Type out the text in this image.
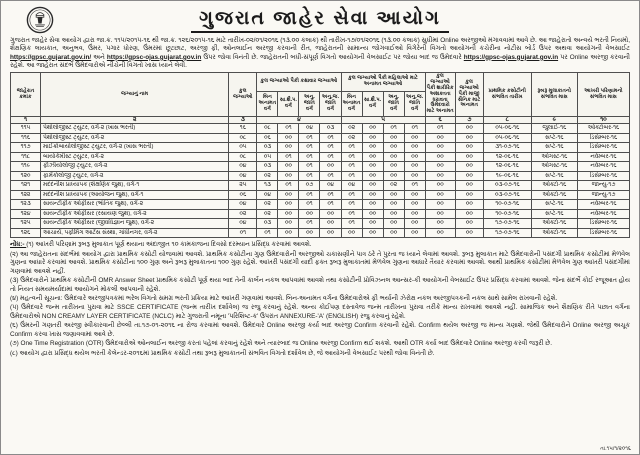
ગુજરાત જાહેર સેવા આયોગ

ગુજરાત જાહેર સેવા આયોગ દ્વારા જા.ક્ર. ૧૧૫/૨૦૧૫-૧૬ થી જા.ક્ર. ૧૨૬/૨૦૧૫-૧૬ માટે તારીખ-૦૨/૦૧/૨૦૧૬ (૧૩.૦૦ કલાક) થી તારીખ-૧૭/૦૧/૨૦૧૬ (૧૩.૦૦ કલાક) સુધીમાં Online અરજીઓ મંગાવવામાં આવે છે. આ જાહેરાતો અન્વયે ભરતી નિયમો, શૈક્ષણિક લાયકાત, અનુભવ, ઉંમર, પગાર ધોરણ, ઉંમરમાં છૂટછાટ, અરજી ફી, ઓનલાઈન અરજી કરવાની રીત, જાહેરાતની સામાન્ય જોગવાઈઓ વિગેરેની વિગતો આયોગની કચેરીના નોટીસ બોર્ડ ઉપર અથવા આયોગની વેબસાઈટ https://gpsc.gujarat.gov.in/ અને https://gpsc-ojas.gujarat.gov.in ઉપર જોવા વિનંતી છે. જાહેરાતની બધી-સંપૂર્ણ વિગતો આયોગની વેબસાઈટ પર જોયા બાદ જ ઉમેદવારે https://gpsc-ojas.gujarat.gov.in પર Online અરજી કરવાની રહેશે. આ જાહેરાત સંદર્ભે ઉમેદવારોએ નીચેની વિગતો ખાસ ધ્યાને લેવી.

જાહેરાત ક્રમાંક	જગ્યાનું નામ	કુલ જગ્યાઓ	કુલ જગ્યાઓ પૈકી કક્ષાવાર જગ્યાઓ				કુલ જગ્યાઓ પૈકી મહિલાઓ માટે અનામત જગ્યાઓ				કુલ જગ્યાઓ પૈકી શારીરિક અશક્તતા ધરાવતા ઉમેદવારો માટે અનામત	કુલ જગ્યાઓ પૈકી માજી સૈનિક માટે અનામત	પ્રાથમિક કસોટીની સંભવિત તારીખ	રૂબરૂ મુલાકાતનો સંભવિત માસ	આખરી પરિણામનો સંભવિત માસ
			બિન અનામત વર્ગ	સા.શૈ.પ. વર્ગ	અનુ. જાતિ વર્ગ	અનુ.જ. જાતિ વર્ગ	બિન અનામત વર્ગ	સા.શૈ.પ. વર્ગ	અનુ. જાતિ વર્ગ	અનુ.જ. જાતિ વર્ગ					
૧	૨	૩	૪				૫				૬	૭	૮	૯	૧૦
૧૧૫	પેથોલોજીસ્ટ ટ્યુટર, વર્ગ-૨ (ખાસ ભરતી)	૧૬	૦૮	૦૧	૦૪	૦૩	૦૨	૦૦	૦૧	૦૧	૦૧	૦૦	૦૫-૦૬-૧૬	જુલાઈ-૧૬	ઓક્ટોબર-૧૬
૧૧૬	પેથોલોજીસ્ટ ટ્યુટર, વર્ગ-૨	૦૮	૦૬	૦૦	૦૧	૦૧	૦૨	૦૦	૦૦	૦૦	૦૦	૦૦	૦૫-૦૬-૧૬	સપ્ટે-૧૬	ડિસેમ્બર-૧૬
૧૧૭	માઈક્રોબાયોલોજીસ્ટ ટ્યુટર, વર્ગ-૨ (ખાસ ભરતી)	૦૫	૦૩	૦૦	૦૧	૦૧	૦૧	૦૦	૦૦	૦૦	૦૦	૦૦	૩૧-૦૭-૧૬	સપ્ટે-૧૬	ડિસેમ્બર-૧૬
૧૧૮	બાયોકેમીસ્ટ ટ્યુટર, વર્ગ-૨	૦૮	૦૫	૦૧	૦૧	૦૧	૦૧	૦૦	૦૦	૦૦	૦૦	૦૦	૧૨-૦૬-૧૬	ઓગસ્ટ-૧૬	નવેમ્બર-૧૬
૧૧૯	ફીઝીયોલોજી ટ્યુટર, વર્ગ-૨	૦૪	૦૩	૦૦	૦૧	૦૦	૦૧	૦૦	૦૦	૦૦	૦૦	૦૦	૧૨-૦૬-૧૬	ઓગસ્ટ-૧૬	નવેમ્બર-૧૬
૧૨૦	ફાર્મકોલોજી ટ્યુટર, વર્ગ-૨	૦૪	૦૨	૦૦	૦૧	૦૧	૦૧	૦૦	૦૦	૦૦	૦૦	૦૦	૧૯-૦૬-૧૬	સપ્ટે-૧૬	ડિસેમ્બર-૧૬
૧૨૧	મદદનીશ પ્રાધ્યાપક (શૈક્ષણિક જુથ), વર્ગ-૧	૨૫	૧૩	૦૧	૦૭	૦૪	૦૪	૦૦	૦૨	૦૧	૦૦	૦૦	૦૩-૦૭-૧૬	ઓક્ટો-૧૬	જાન્યુ-૧૭
૧૨૨	મદદનીશ પ્રાધ્યાપક (આયોજન જુથ), વર્ગ-૧	૦૬	૦૪	૦૦	૦૧	૦૧	૦૧	૦૦	૦૦	૦૦	૦૦	૦૦	૦૩-૦૭-૧૬	ઓક્ટો-૧૬	જાન્યુ-૧૭
૧૨૩	સાયન્ટીફીક ઓફીસર (ભૌતિક જુથ), વર્ગ-૨	૦૪	૦૨	૦૦	૦૧	૦૧	૦૧	૦૦	૦૦	૦૦	૦૦	૦૦	૧૦-૦૭-૧૬	સપ્ટે-૧૬	નવેમ્બર-૧૬
૧૨૪	સાયન્ટીફીક ઓફીસર (રસાયણ જુથ), વર્ગ-૨	૦૨	૦૨	૦૦	૦૦	૦૦	૦૧	૦૦	૦૦	૦૦	૦૦	૦૦	૧૦-૦૭-૧૬	સપ્ટે-૧૬	નવેમ્બર-૧૬
૧૨૫	સાયન્ટીફીક ઓફીસર (જીવવિજ્ઞાન જુથ), વર્ગ-૨	૦૪	૦૩	૦૦	૦૧	૦૦	૦૧	૦૦	૦૦	૦૦	૦૦	૦૦	૧૭-૦૭-૧૬	ઓક્ટો-૧૬	ડિસેમ્બર-૧૬
૧૨૬	આચાર્ય, પર્ફોર્મિંગ આર્ટસ સંસ્થા, ગાંધીનગર, વર્ગ-૨	૦૧	૦૧	૦૦	૦૦	૦૦	૦૦	૦૦	૦૦	૦૦	૦૦	૦૦	૧૭-૦૭-૧૬	ઓક્ટો-૧૬	ડિસેમ્બર-૧૬
નોંધ:- (૧) આખરી પરિણામ રૂબરૂ મુલાકાત પૂર્ણ થયાના અંદાજીત ૧૦ કામકાજના દિવસો દરમ્યાન પ્રસિદ્ધ કરવામાં આવશે.
(૨) આ જાહેરાતના સંદર્ભમાં આયોગ દ્વારા પ્રાથમિક કસોટી યોજવામાં આવશે. પ્રાથમિક કસોટીના ગુણ ઉમેદવારોની અરજીઓ ચકાસણીને પાત્ર ઠરે તે પુરતા જ ધ્યાને લેવામાં આવશે. રૂબરૂ મુલાકાત માટે ઉમેદવારોની પસંદગી પ્રાથમિક કસોટીમાં મેળવેલ ગુણના આધારે કરવામાં આવશે. પ્રાથમિક કસોટીના ૧૦૦ ગુણ અને રૂબરૂ મુલાકાતના ૧૦૦ ગુણ રહેશે. આખરી પસંદગી યાદી ફક્ત રૂબરૂ મુલાકાતમાં મેળવેલ ગુણના આધારે તૈયાર કરવામાં આવશે. આથી પ્રાથમિક કસોટીમાં મેળવેલ ગુણ આખરી પસંદગીમાં ગણવામાં આવશે નહીં.
(૩) ઉમેદવારોને પ્રાથમિક કસોટીની OMR Answer Sheet પ્રાથમિક કસોટી પૂર્ણ થયા બાદ તેની કાર્બન નકલ આપવામાં આવશે તથા કસોટીની પ્રોવિઝનલ આન્સર-કી આયોગની વેબસાઈટ ઉપર પ્રસિદ્ધ કરવામાં આવશે. જેના સંદર્ભે કોઈ રજૂઆત હોય તો નિયત સમયમર્યાદામાં આયોગને મોકલી આપવાની રહેશે.
(૪) મહત્વની સૂચના: ઉમેદવારે અરજીપત્રકમાં ભરેલ વિગતો સમગ્ર ભરતી પ્રક્રિયા માટે આખરી ગણવામાં આવશે. બિન-અનામત વર્ગના ઉમેદવારોએ ફી ભર્યાની ઝેરોક્ષ નકલ અરજીપત્રકની નકલ સાથે સામેલ રાખવાની રહેશે.
(૫) ઉમેદવારે જન્મ તારીખના પુરાવા માટે SSCE CERTIFICATE (જન્મ તારીખ દર્શાવેલ) જ રજુ કરવાનું રહેશે. અન્ય કોઈપણ દસ્તાવેજ જન્મ તારીખના પુરાવા તરીકે માન્ય રાખવામાં આવશે નહીં. સામાજિક અને શૈક્ષણિક રીતે પછાત વર્ગના ઉમેદવારોએ NON CREAMY LAYER CERTIFICATE (NCLC) માટે ગુજરાતી નમૂના 'પરિશિષ્ટ-ક' ઉપરાંત ANNEXURE-'A' (ENGLISH) રજુ કરવાનું રહેશે.
(૬) ઉંમરની ગણતરી અરજી સ્વીકારવાની છેલ્લી તા.૧૭-૦૧-૨૦૧૬ ના રોજ કરવામાં આવશે. ઉમેદવારે Online અરજી કર્યા બાદ અરજી Confirm કરવાની રહેશે. Confirm થયેલ અરજી જ માન્ય ગણાશે. જેથી ઉમેદવારોને Online અરજી અચૂક Confirm કરવા ખાસ જણાવવામાં આવે છે.
(૭) One Time Registration (OTR) ઉમેદવારોએ ઓનલાઈન અરજી કરતાં પહેલાં કરવાનું રહેશે અને ત્યારબાદ જ Online અરજી Confirm થઈ શકશે. આથી OTR કર્યા બાદ ઉમેદવારે Online અરજી કરવી જરૂરી છે.
(૮) આયોગ દ્વારા પ્રસિદ્ધ થયેલ ભરતી કેલેન્ડર-૨૦૧૬માં પ્રાથમિક કસોટી તથા રૂબરૂ મુલાકાતની સંભવિત વિગતો દર્શાવેલ છે, જે આયોગની વેબસાઈટ પરથી જોવા વિનંતી છે.
તા.૧૫/૧/૨૦૧૬
